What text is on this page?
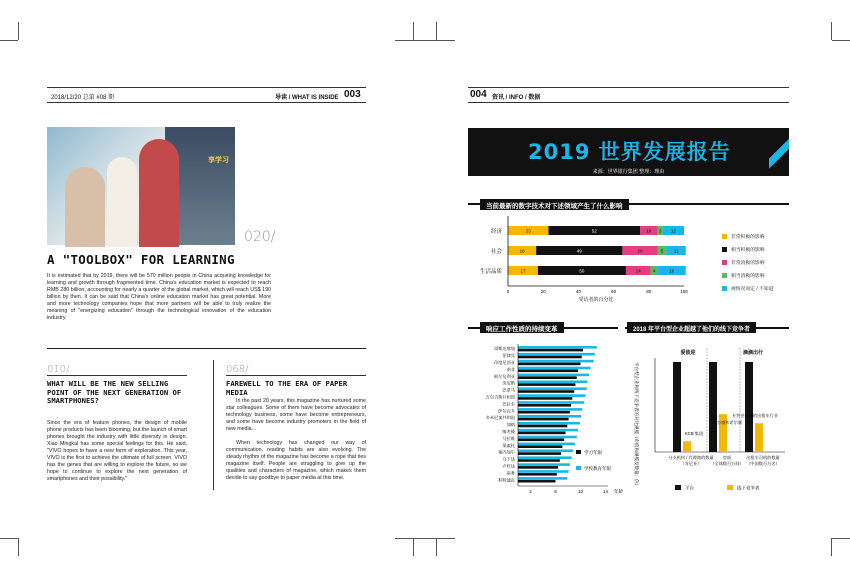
2018/12/20 总第 #08 期	导读 / WHAT IS INSIDE 003
享学习
020/
A "TOOLBOX" FOR LEARNING
It is estimated that by 2019, there will be 570 million people in China acquiring knowledge for learning and growth through fragmented time. China's education market is expected to reach RMB 280 billion, accounting for nearly a quarter of the global market, which will reach US$ 190 billion by then. It can be said that China's online education market has great potential. More and more technology companies hope that more partners will be able to truly realize the meaning of "energizing education" through the technological innovation of the education industry.
010/
WHAT WILL BE THE NEW SELLING POINT OF THE NEXT GENERATION OF SMARTPHONES?
Since the era of feature phones, the design of mobile phone products has been blooming, but the launch of smart phones brought the industry with little diversity in design. Xiao Mingkai has some special feelings for this. He said, "VIVO hopes to have a new form of exploration. This year, VIVO is the first to achieve the ultimate of full screen. VIVO has the genes that are willing to explore the future, so we hope to continue to explore the next generation of smartphones and their possibility."
068/
FAREWELL TO THE ERA OF PAPER MEDIA
In the past 20 years, this magazine has nurtured some star colleagues. Some of them have become advocates of technology business, some have become entrepreneurs, and some have become industry promoters in the field of new media...
When technology has changed our way of communication, reading habits are also evolving. The steady rhythm of the magazine has become a rope that ties magazine itself. People are struggling to give up the qualities and characters of magazine, which makes them decide to say goodbye to paper media at this time.
004 资讯 / INFO / 数据
2019 世界发展报告
来源：世界银行集团 整理：理由
当前最新的数字技术对下述领域产生了什么影响
经济	23	52	10 3 12
社会	16	49	20	5 11
生活品质	17	50	14	4	16
0	20	40	60	80	100
受访者的百分比
非常积极的影响
相当积极的影响
非常消极的影响
相当消极的影响
视情况而定 / 不知道
响应工作性质的持续变革
哥斯达黎加
菲律宾
印度尼西亚
南非
阿尔及利亚
突尼斯
巴拿马
吉尔吉斯共和国
巴拉圭
萨尔瓦多
多米尼加共和国
加纳
喀麦隆
马拉维
莱索托
塞内加尔
乌干达
卢旺达
宿务
科特迪瓦
2	6	10	14 年龄
学习年限
学校教育年限
2018 年平台型企业超越了他们的线下竞争者
平台型企业和线下竞争者的对比规模（市值和规模及数量；倍）
爱彼迎	滴滴出行
分支机构 / 代理商的数量
（肯尼亚）
房间
（全球数百万间）
出租车司机的数量
（中国数百万名）
KCB 集团
万豪和希尔顿
专营业执照的出租车行业
平台	线下竞争者
